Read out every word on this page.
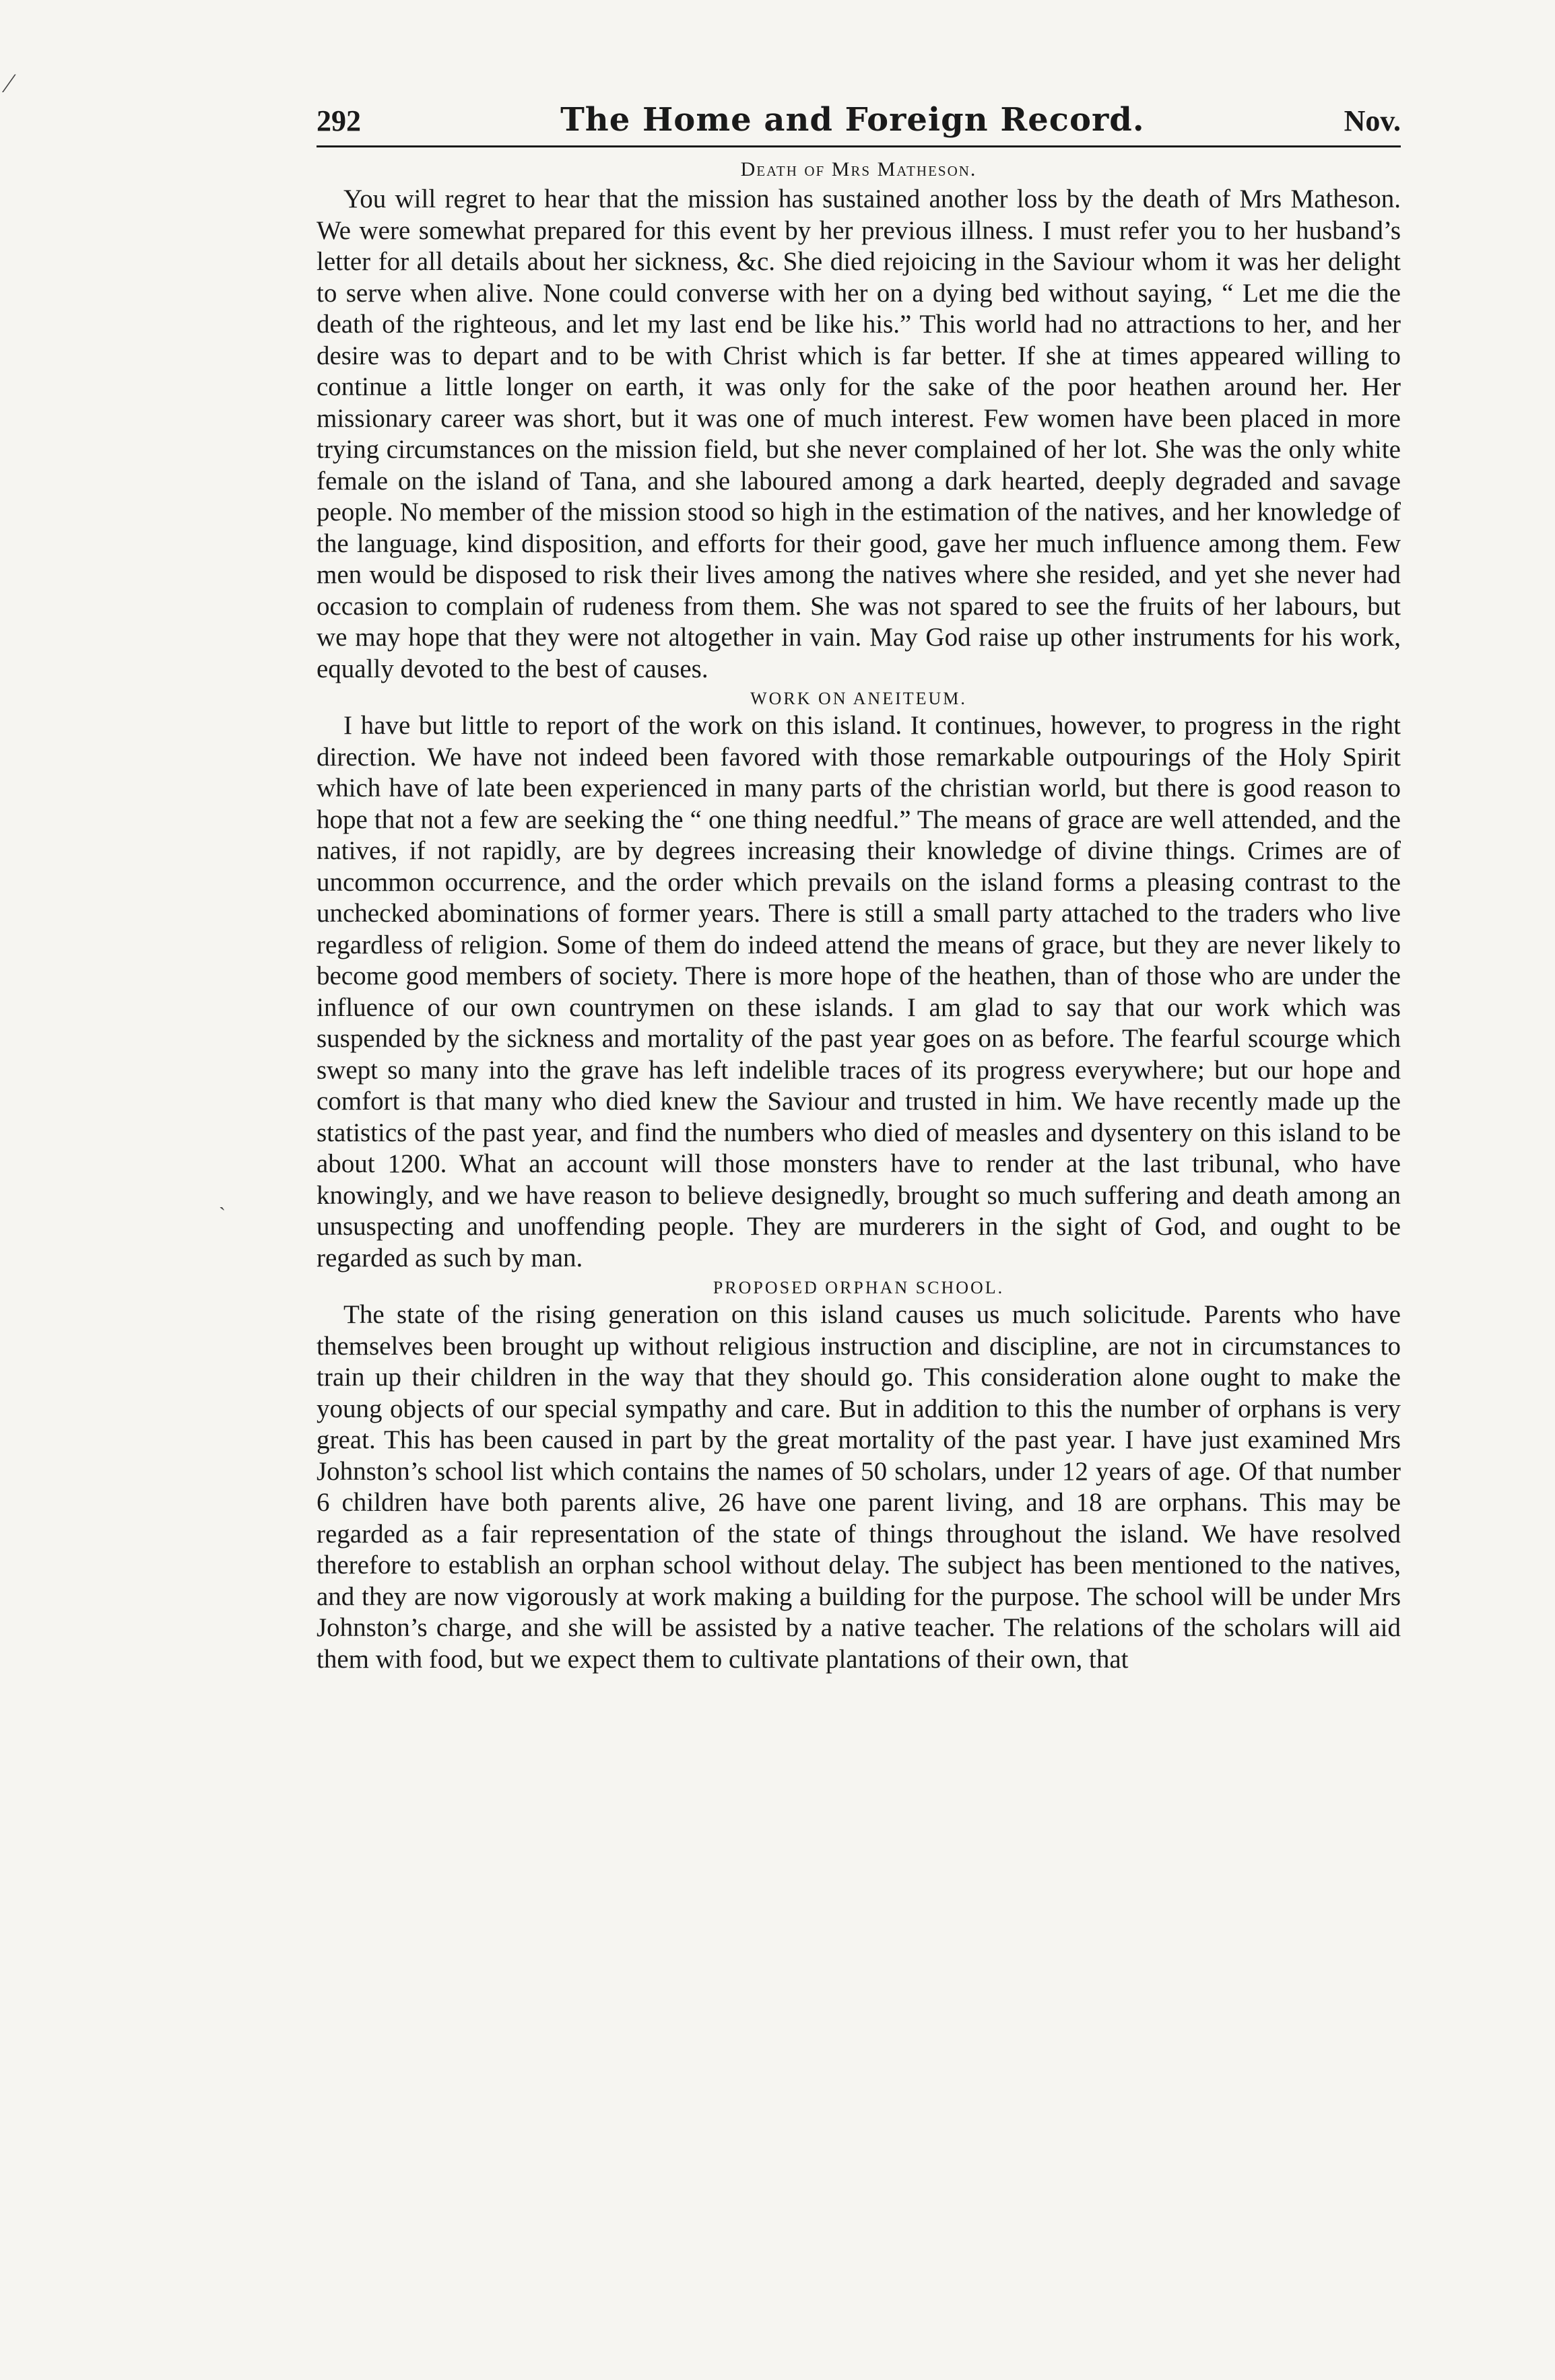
⁄
ˎ
292	The Home and Foreign Record.	Nov.
Death of Mrs Matheson.

You will regret to hear that the mission has sustained another loss by the death of Mrs Matheson. We were somewhat prepared for this event by her previous illness. I must refer you to her husband’s letter for all details about her sickness, &c. She died rejoicing in the Saviour whom it was her delight to serve when alive. None could converse with her on a dying bed without saying, “ Let me die the death of the righteous, and let my last end be like his.” This world had no attractions to her, and her desire was to depart and to be with Christ which is far better. If she at times appeared willing to continue a little longer on earth, it was only for the sake of the poor heathen around her. Her missionary career was short, but it was one of much interest. Few women have been placed in more trying circumstances on the mission field, but she never complained of her lot. She was the only white female on the island of Tana, and she laboured among a dark hearted, deeply degraded and savage people. No member of the mission stood so high in the estimation of the natives, and her knowledge of the language, kind disposition, and efforts for their good, gave her much influence among them. Few men would be disposed to risk their lives among the natives where she resided, and yet she never had occasion to complain of rudeness from them. She was not spared to see the fruits of her labours, but we may hope that they were not altogether in vain. May God raise up other instruments for his work, equally devoted to the best of causes.

WORK ON ANEITEUM.

I have but little to report of the work on this island. It continues, however, to progress in the right direction. We have not indeed been favored with those remarkable outpourings of the Holy Spirit which have of late been experienced in many parts of the christian world, but there is good reason to hope that not a few are seeking the “ one thing needful.” The means of grace are well attended, and the natives, if not rapidly, are by degrees increasing their knowledge of divine things. Crimes are of uncommon occurrence, and the order which prevails on the island forms a pleasing contrast to the unchecked abominations of former years. There is still a small party attached to the traders who live regardless of religion. Some of them do indeed attend the means of grace, but they are never likely to become good members of society. There is more hope of the heathen, than of those who are under the influence of our own countrymen on these islands. I am glad to say that our work which was suspended by the sickness and mortality of the past year goes on as before. The fearful scourge which swept so many into the grave has left indelible traces of its progress everywhere; but our hope and comfort is that many who died knew the Saviour and trusted in him. We have recently made up the statistics of the past year, and find the numbers who died of measles and dysentery on this island to be about 1200. What an account will those monsters have to render at the last tribunal, who have knowingly, and we have reason to believe designedly, brought so much suffering and death among an unsuspecting and unoffending people. They are murderers in the sight of God, and ought to be regarded as such by man.

PROPOSED ORPHAN SCHOOL.

The state of the rising generation on this island causes us much solicitude. Parents who have themselves been brought up without religious instruction and discipline, are not in circumstances to train up their children in the way that they should go. This consideration alone ought to make the young objects of our special sympathy and care. But in addition to this the number of orphans is very great. This has been caused in part by the great mortality of the past year. I have just examined Mrs Johnston’s school list which contains the names of 50 scholars, under 12 years of age. Of that number 6 children have both parents alive, 26 have one parent living, and 18 are orphans. This may be regarded as a fair representation of the state of things throughout the island. We have resolved therefore to establish an orphan school without delay. The subject has been mentioned to the natives, and they are now vigorously at work making a building for the purpose. The school will be under Mrs Johnston’s charge, and she will be assisted by a native teacher. The relations of the scholars will aid them with food, but we expect them to cultivate plantations of their own, that
